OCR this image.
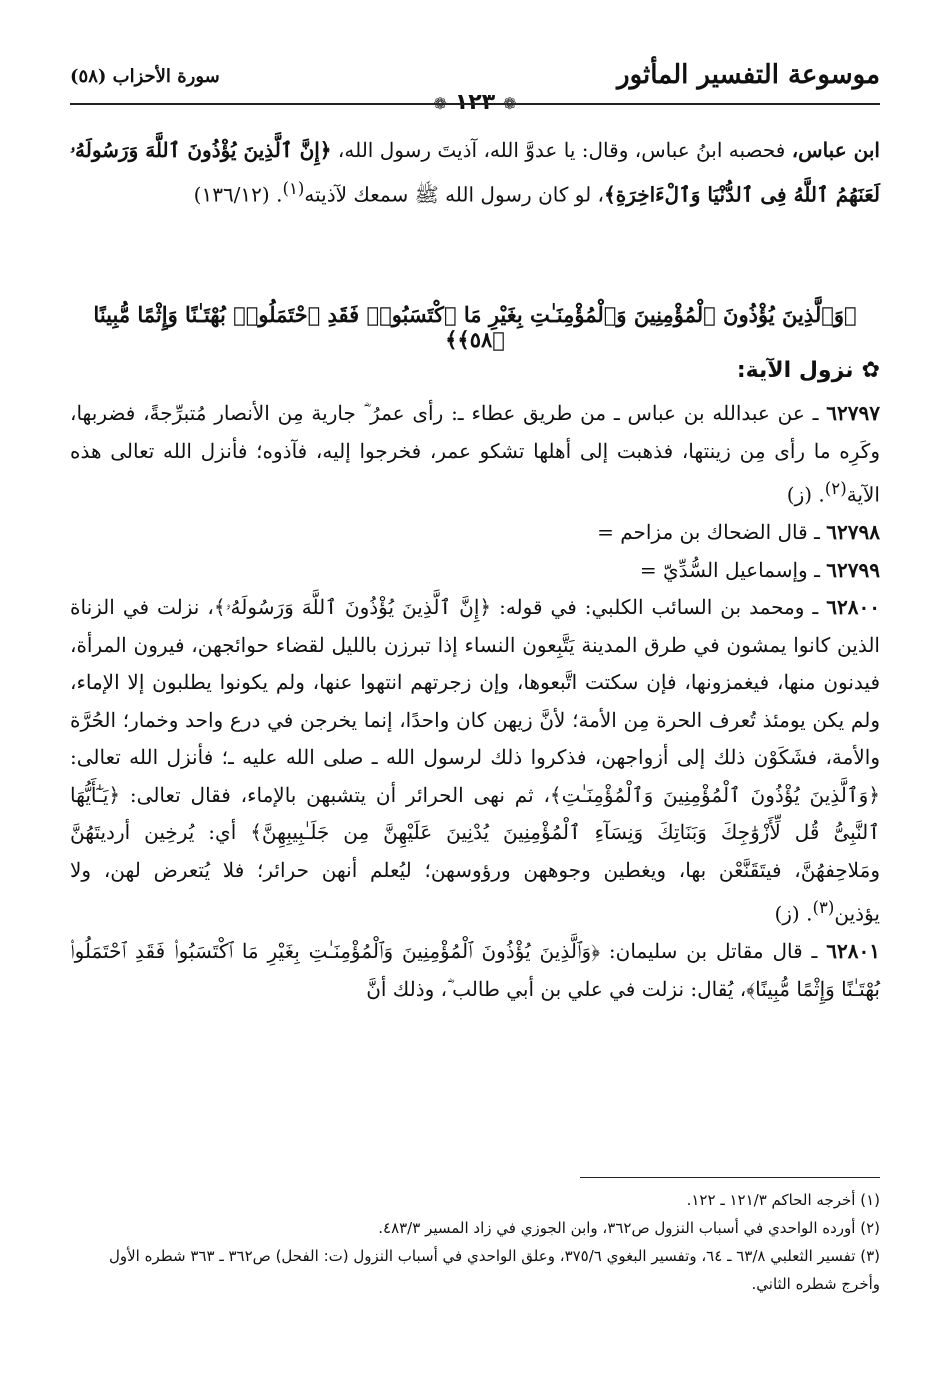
موسوعة التفسير المأثور
❁١٢٣❁
سورة الأحزاب (٥٨)
ابن عباس، فحصبه ابنُ عباس، وقال: يا عدوَّ الله، آذيتَ رسول الله، ﴿إِنَّ ٱلَّذِينَ يُؤْذُونَ ٱللَّهَ وَرَسُولَهُۥ لَعَنَهُمُ ٱللَّهُ فِى ٱلدُّنْيَا وَٱلْءَاخِرَةِ﴾، لو كان رسول الله ﷺ سمعك لآذيته$^{(١)}$. (١٣٦/١٢)
﴿وَٱلَّذِينَ يُؤْذُونَ ٱلْمُؤْمِنِينَ وَٱلْمُؤْمِنَـٰتِ بِغَيْرِ مَا ٱكْتَسَبُوا۟ فَقَدِ ٱحْتَمَلُوا۟ بُهْتَـٰنًا وَإِثْمًا مُّبِينًا ﴿٥٨﴾﴾
✿نزول الآية:

٦٢٧٩٧ ـ عن عبدالله بن عباس ـ من طريق عطاء ـ: رأى عمرُ ؓ جارية مِن الأنصار مُتبرِّجةً، فضربها، وكَرِه ما رأى مِن زينتها، فذهبت إلى أهلها تشكو عمر، فخرجوا إليه، فآذوه؛ فأنزل الله تعالى هذه الآية$^{(٢)}$. (ز)

٦٢٧٩٨ ـ قال الضحاك بن مزاحم =

٦٢٧٩٩ ـ وإسماعيل السُّدِّيّ =

٦٢٨٠٠ ـ ومحمد بن السائب الكلبي: في قوله: ﴿إِنَّ ٱلَّذِينَ يُؤْذُونَ ٱللَّهَ وَرَسُولَهُۥ﴾، نزلت في الزناة الذين كانوا يمشون في طرق المدينة يَتَّبِعون النساء إذا تبرزن بالليل لقضاء حوائجهن، فيرون المرأة، فيدنون منها، فيغمزونها، فإن سكتت اتَّبعوها، وإن زجرتهم انتهوا عنها، ولم يكونوا يطلبون إلا الإماء، ولم يكن يومئذ تُعرف الحرة مِن الأمة؛ لأنَّ زيهن كان واحدًا، إنما يخرجن في درع واحد وخمار؛ الحُرَّة والأمة، فشَكَوْن ذلك إلى أزواجهن، فذكروا ذلك لرسول الله ـ صلى الله عليه ـ؛ فأنزل الله تعالى: ﴿وَٱلَّذِينَ يُؤْذُونَ ٱلْمُؤْمِنِينَ وَٱلْمُؤْمِنَـٰتِ﴾، ثم نهى الحرائر أن يتشبهن بالإماء، فقال تعالى: ﴿يَـٰٓأَيُّهَا ٱلنَّبِىُّ قُل لِّأَزْوَٰجِكَ وَبَنَاتِكَ وَنِسَآءِ ٱلْمُؤْمِنِينَ يُدْنِينَ عَلَيْهِنَّ مِن جَلَـٰبِيبِهِنَّ﴾ أي: يُرخِين أرديتَهُنَّ ومَلاحِفهُنَّ، فيتَقَنَّعْن بها، ويغطين وجوههن ورؤوسهن؛ ليُعلم أنهن حرائر؛ فلا يُتعرض لهن، ولا يؤذين$^{(٣)}$. (ز)

٦٢٨٠١ ـ قال مقاتل بن سليمان: ﴿وَٱلَّذِينَ يُؤْذُونَ ٱلْمُؤْمِنِينَ وَٱلْمُؤْمِنَـٰتِ بِغَيْرِ مَا ٱكْتَسَبُوا۟ فَقَدِ ٱحْتَمَلُوا۟ بُهْتَـٰنًا وَإِثْمًا مُّبِينًا﴾، يُقال: نزلت في علي بن أبي طالب ؓ، وذلك أنَّ

(١) أخرجه الحاكم ١٢١/٣ ـ ١٢٢.

(٢) أورده الواحدي في أسباب النزول ص٣٦٢، وابن الجوزي في زاد المسير ٤٨٣/٣.

(٣) تفسير الثعلبي ٦٣/٨ ـ ٦٤، وتفسير البغوي ٣٧٥/٦، وعلق الواحدي في أسباب النزول (ت: الفحل) ص٣٦٢ ـ ٣٦٣ شطره الأول وأخرج شطره الثاني.
